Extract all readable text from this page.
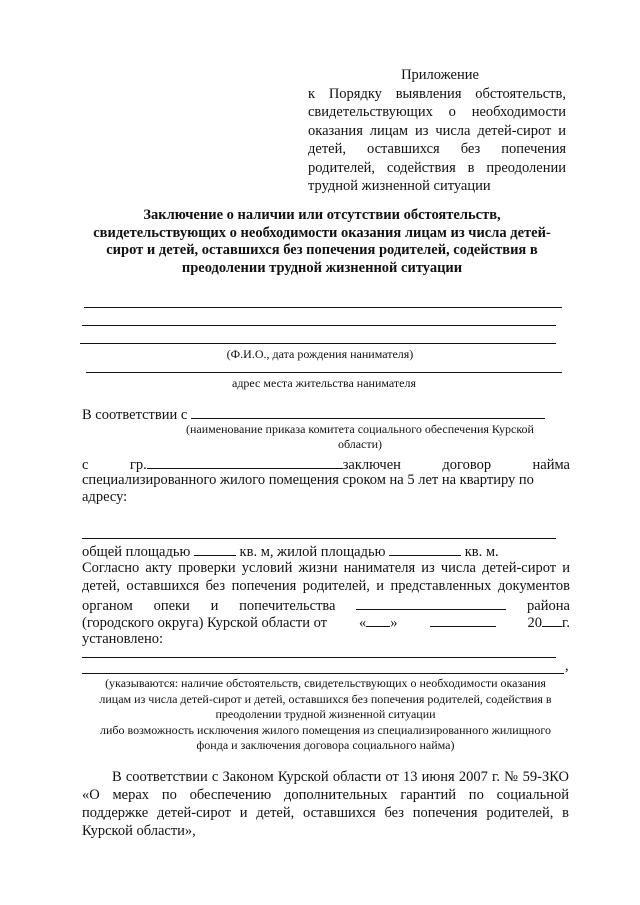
Приложение
к Порядку выявления обстоятельств,
свидетельствующих о необходимости
оказания лицам из числа детей-сирот и
детей, оставшихся без попечения
родителей, содействия в преодолении
трудной жизненной ситуации
Заключение о наличии или отсутствии обстоятельств,
свидетельствующих о необходимости оказания лицам из числа детей-
сирот и детей, оставшихся без попечения родителей, содействия в
преодолении трудной жизненной ситуации
(Ф.И.О., дата рождения нанимателя)
адрес места жительства нанимателя
В соответствии с
(наименование приказа комитета социального обеспечения Курской
области)
с	гр.	заключен	договор	найма
специализированного жилого помещения сроком на 5 лет на квартиру по
адресу:
общей площадью	кв. м, жилой площадью	кв. м.
Согласно акту проверки условий жизни нанимателя из числа детей-сирот и
детей, оставшихся без попечения родителей, и представленных документов
органом опеки и попечительства	района
(городского округа) Курской области от « »	20 г.
установлено:
,
(указываются: наличие обстоятельств, свидетельствующих о необходимости оказания
лицам из числа детей-сирот и детей, оставшихся без попечения родителей, содействия в
преодолении трудной жизненной ситуации
либо возможность исключения жилого помещения из специализированного жилищного
фонда и заключения договора социального найма)
В соответствии с Законом Курской области от 13 июня 2007 г. № 59-ЗКО «О мерах по обеспечению дополнительных гарантий по социальной поддержке детей-сирот и детей, оставшихся без попечения родителей, в Курской области»,
